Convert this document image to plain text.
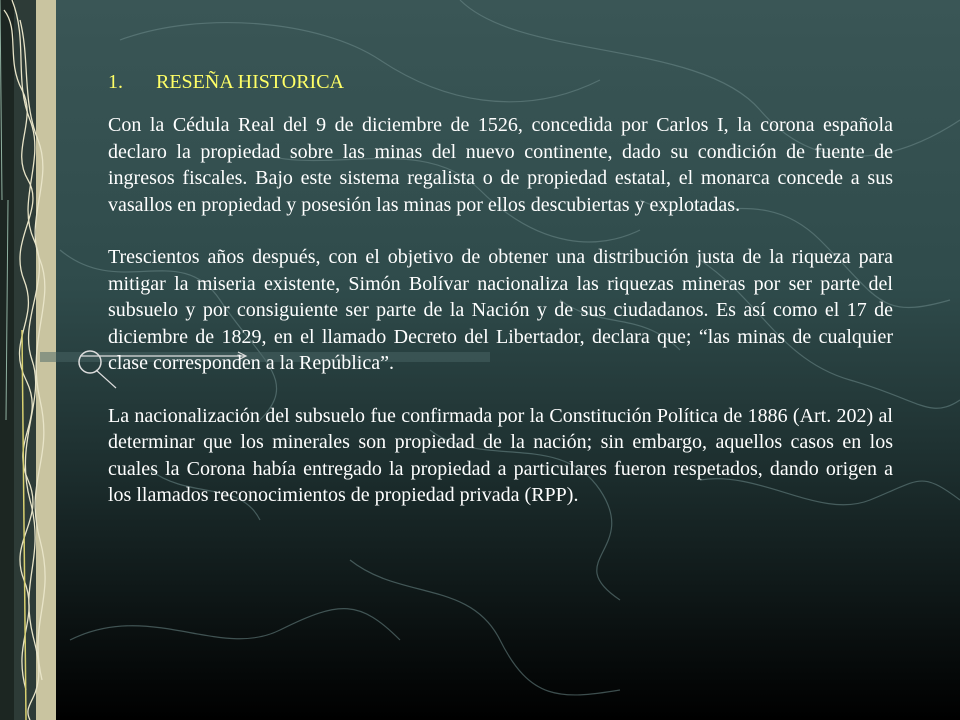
1.	RESEÑA HISTORICA

Con la Cédula Real del 9 de diciembre de 1526, concedida por Carlos I, la corona española declaro la propiedad sobre las minas del nuevo continente, dado su condición de fuente de ingresos fiscales. Bajo este sistema regalista o de propiedad estatal, el monarca concede a sus vasallos en propiedad y posesión las minas por ellos descubiertas y explotadas.

Trescientos años después, con el objetivo de obtener una distribución justa de la riqueza para mitigar la miseria existente, Simón Bolívar nacionaliza las riquezas mineras por ser parte del subsuelo y por consiguiente ser parte de la Nación y de sus ciudadanos. Es así como el 17 de diciembre de 1829, en el llamado Decreto del Libertador, declara que; “las minas de cualquier clase corresponden a la República”.

La nacionalización del subsuelo fue confirmada por la Constitución Política de 1886 (Art. 202) al determinar que los minerales son propiedad de la nación; sin embargo, aquellos casos en los cuales la Corona había entregado la propiedad a particulares fueron respetados, dando origen a los llamados reconocimientos de propiedad privada (RPP).
